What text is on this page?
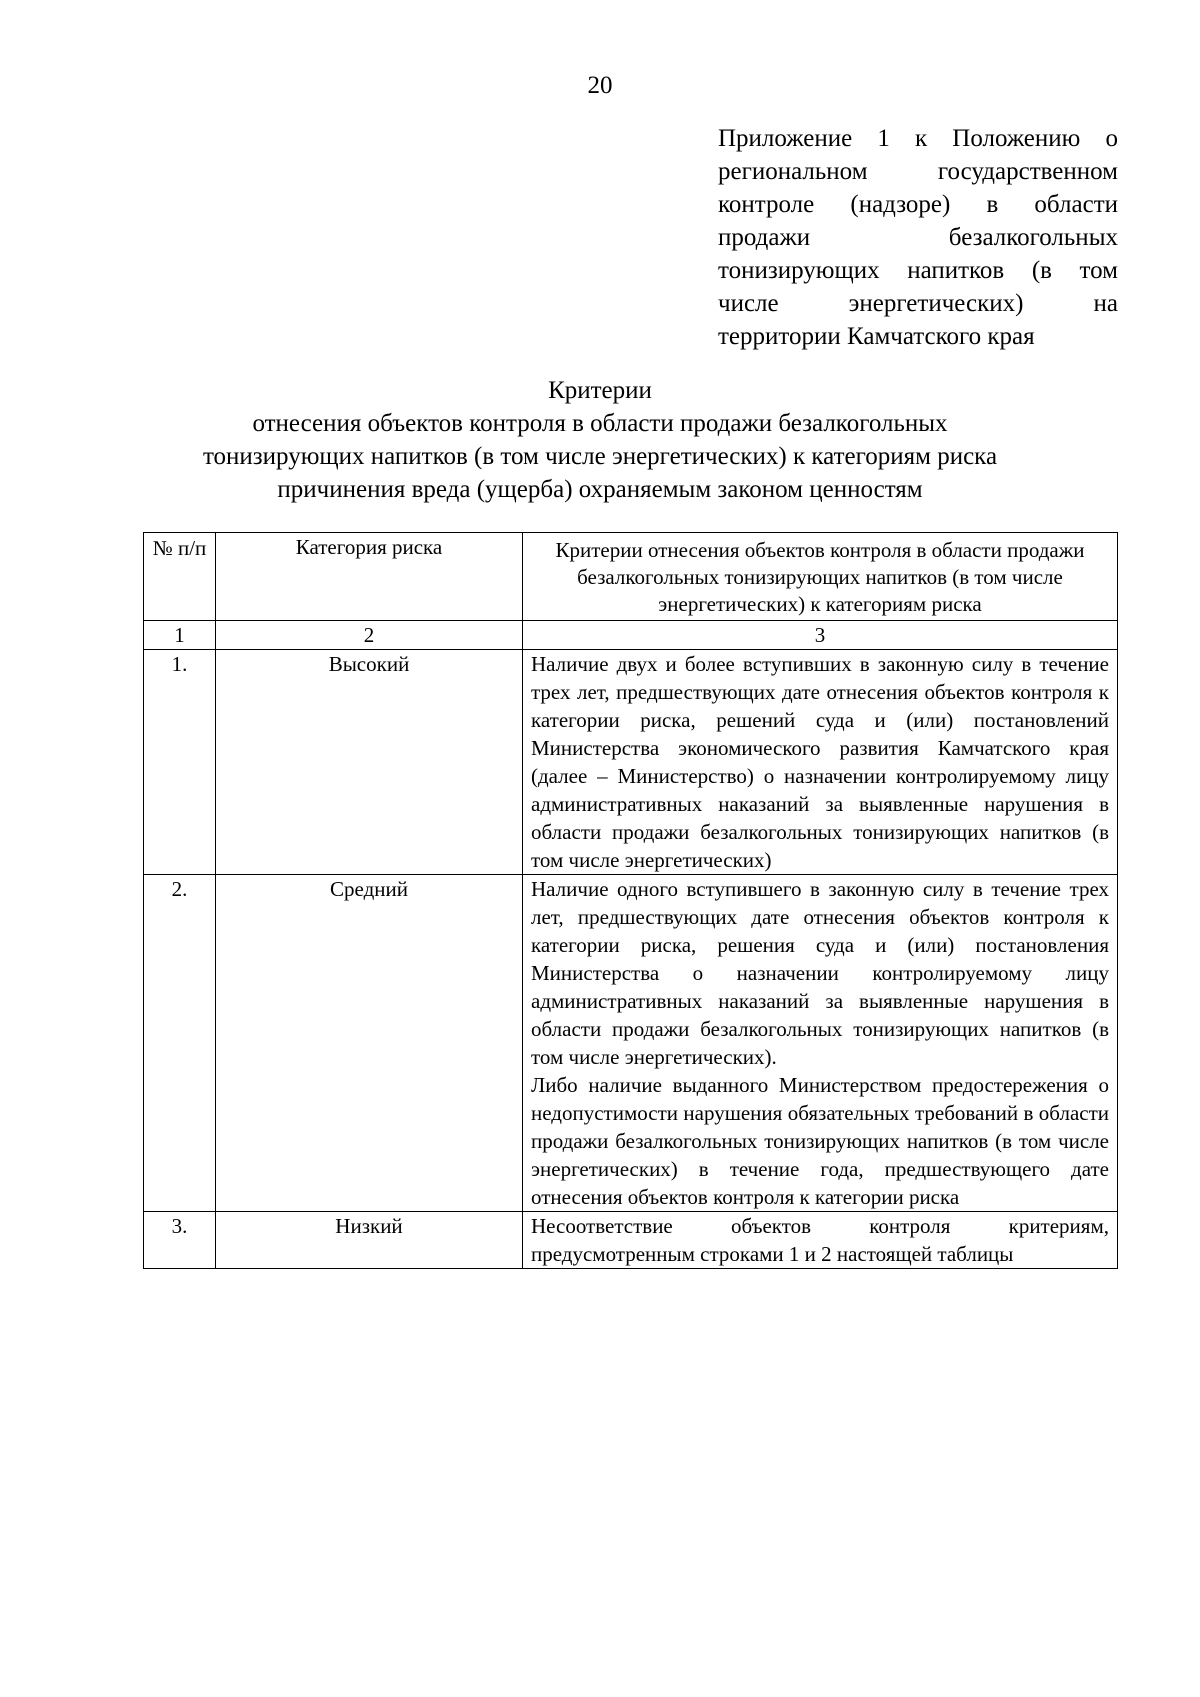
20
Приложение 1 к Положению о
региональном государственном
контроле (надзоре) в области
продажи безалкогольных
тонизирующих напитков (в том
числе энергетических) на
территории Камчатского края
Критерии
отнесения объектов контроля в области продажи безалкогольных
тонизирующих напитков (в том числе энергетических) к категориям риска
причинения вреда (ущерба) охраняемым законом ценностям
№ п/п	Категория риска	Критерии отнесения объектов контроля в области продажи безалкогольных тонизирующих напитков (в том числе энергетических) к категориям риска
1	2	3
1.	Высокий	Наличие двух и более вступивших в законную силу в течение трех лет, предшествующих дате отнесения объектов контроля к категории риска, решений суда и (или) постановлений Министерства экономического развития Камчатского края (далее – Министерство) о назначении контролируемому лицу административных наказаний за выявленные нарушения в области продажи безалкогольных тонизирующих напитков (в том числе энергетических)

2.	Средний	Наличие одного вступившего в законную силу в течение трех лет, предшествующих дате отнесения объектов контроля к категории риска, решения суда и (или) постановления Министерства о назначении контролируемому лицу административных наказаний за выявленные нарушения в области продажи безалкогольных тонизирующих напитков (в том числе энергетических).
Либо наличие выданного Министерством предостережения о недопустимости нарушения обязательных требований в области продажи безалкогольных тонизирующих напитков (в том числе энергетических) в течение года, предшествующего дате отнесения объектов контроля к категории риска

3.	Низкий	Несоответствие объектов контроля критериям, предусмотренным строками 1 и 2 настоящей таблицы
